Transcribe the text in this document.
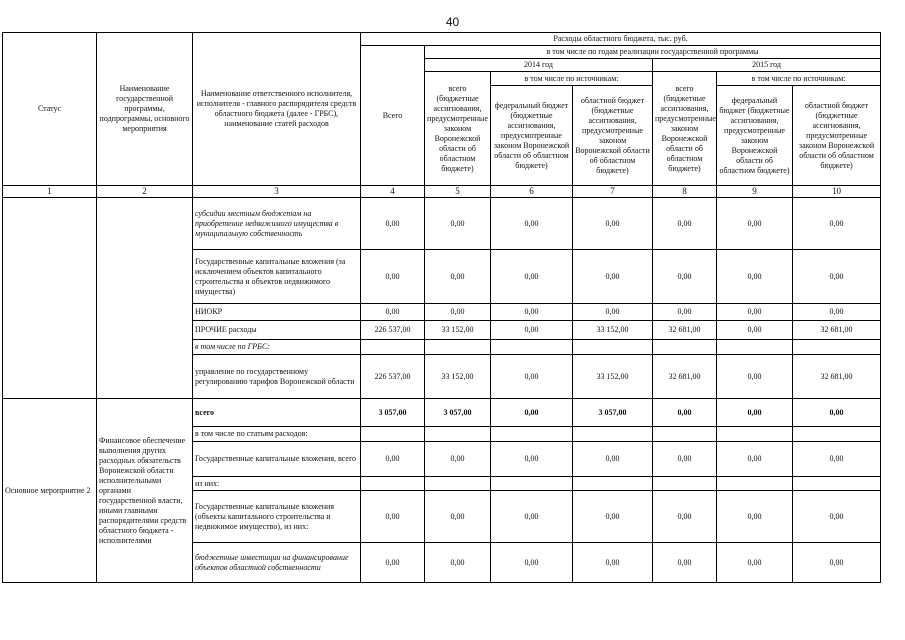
40
Статус	Наименование государственной программы, подпрограммы, основного мероприятия	Наименование ответственного исполнителя, исполнителя - главного распорядителя средств областного бюджета (далее - ГРБС), наименование статей расходов	Расходы областного бюджета, тыс. руб.						
			Всего	в том числе по годам реализации государственной программы					
				2014 год			2015 год		
				всего (бюджетные ассигнования, предусмотренные законом Воронежской области об областном бюджете)	в том числе по источникам:		всего (бюджетные ассигнования, предусмотренные законом Воронежской области об областном бюджете)	в том числе по источникам:	
					федеральный бюджет (бюджетные ассигнования, предусмотренные законом Воронежской области об областном бюджете)	областной бюджет (бюджетные ассигнования, предусмотренные законом Воронежской области об областном бюджете)		федеральный бюджет (бюджетные ассигнования, предусмотренные законом Воронежской области об областном бюджете)	областной бюджет (бюджетные ассигнования, предусмотренные законом Воронежской области об областном бюджете)
1	2	3	4	5	6	7	8	9	10
		субсидии местным бюджетам на приобретение недвижимого имущества в муниципальную собственность	0,00	0,00	0,00	0,00	0,00	0,00	0,00
		Государственные капитальные вложения (за исключением объектов капитального строительства и объектов недвижимого имущества)	0,00	0,00	0,00	0,00	0,00	0,00	0,00
		НИОКР	0,00	0,00	0,00	0,00	0,00	0,00	0,00
		ПРОЧИЕ расходы	226 537,00	33 152,00	0,00	33 152,00	32 681,00	0,00	32 681,00
		в том числе по ГРБС:							
		управление по государственному регулированию тарифов Воронежской области	226 537,00	33 152,00	0,00	33 152,00	32 681,00	0,00	32 681,00
Основное мероприятие 2	Финансовое обеспечение выполнения других расходных обязательств Воронежской области исполнительными органами государственной власти, иными главными распорядителями средств областного бюджета - исполнителями	всего	3 057,00	3 057,00	0,00	3 057,00	0,00	0,00	0,00
		в том числе по статьям расходов:							
		Государственные капитальные вложения, всего	0,00	0,00	0,00	0,00	0,00	0,00	0,00
		из них:							
		Государственные капитальные вложения (объекты капитального строительства и недвижимое имущество), из них:	0,00	0,00	0,00	0,00	0,00	0,00	0,00
		бюджетные инвестиции на финансирование объектов областной собственности	0,00	0,00	0,00	0,00	0,00	0,00	0,00
